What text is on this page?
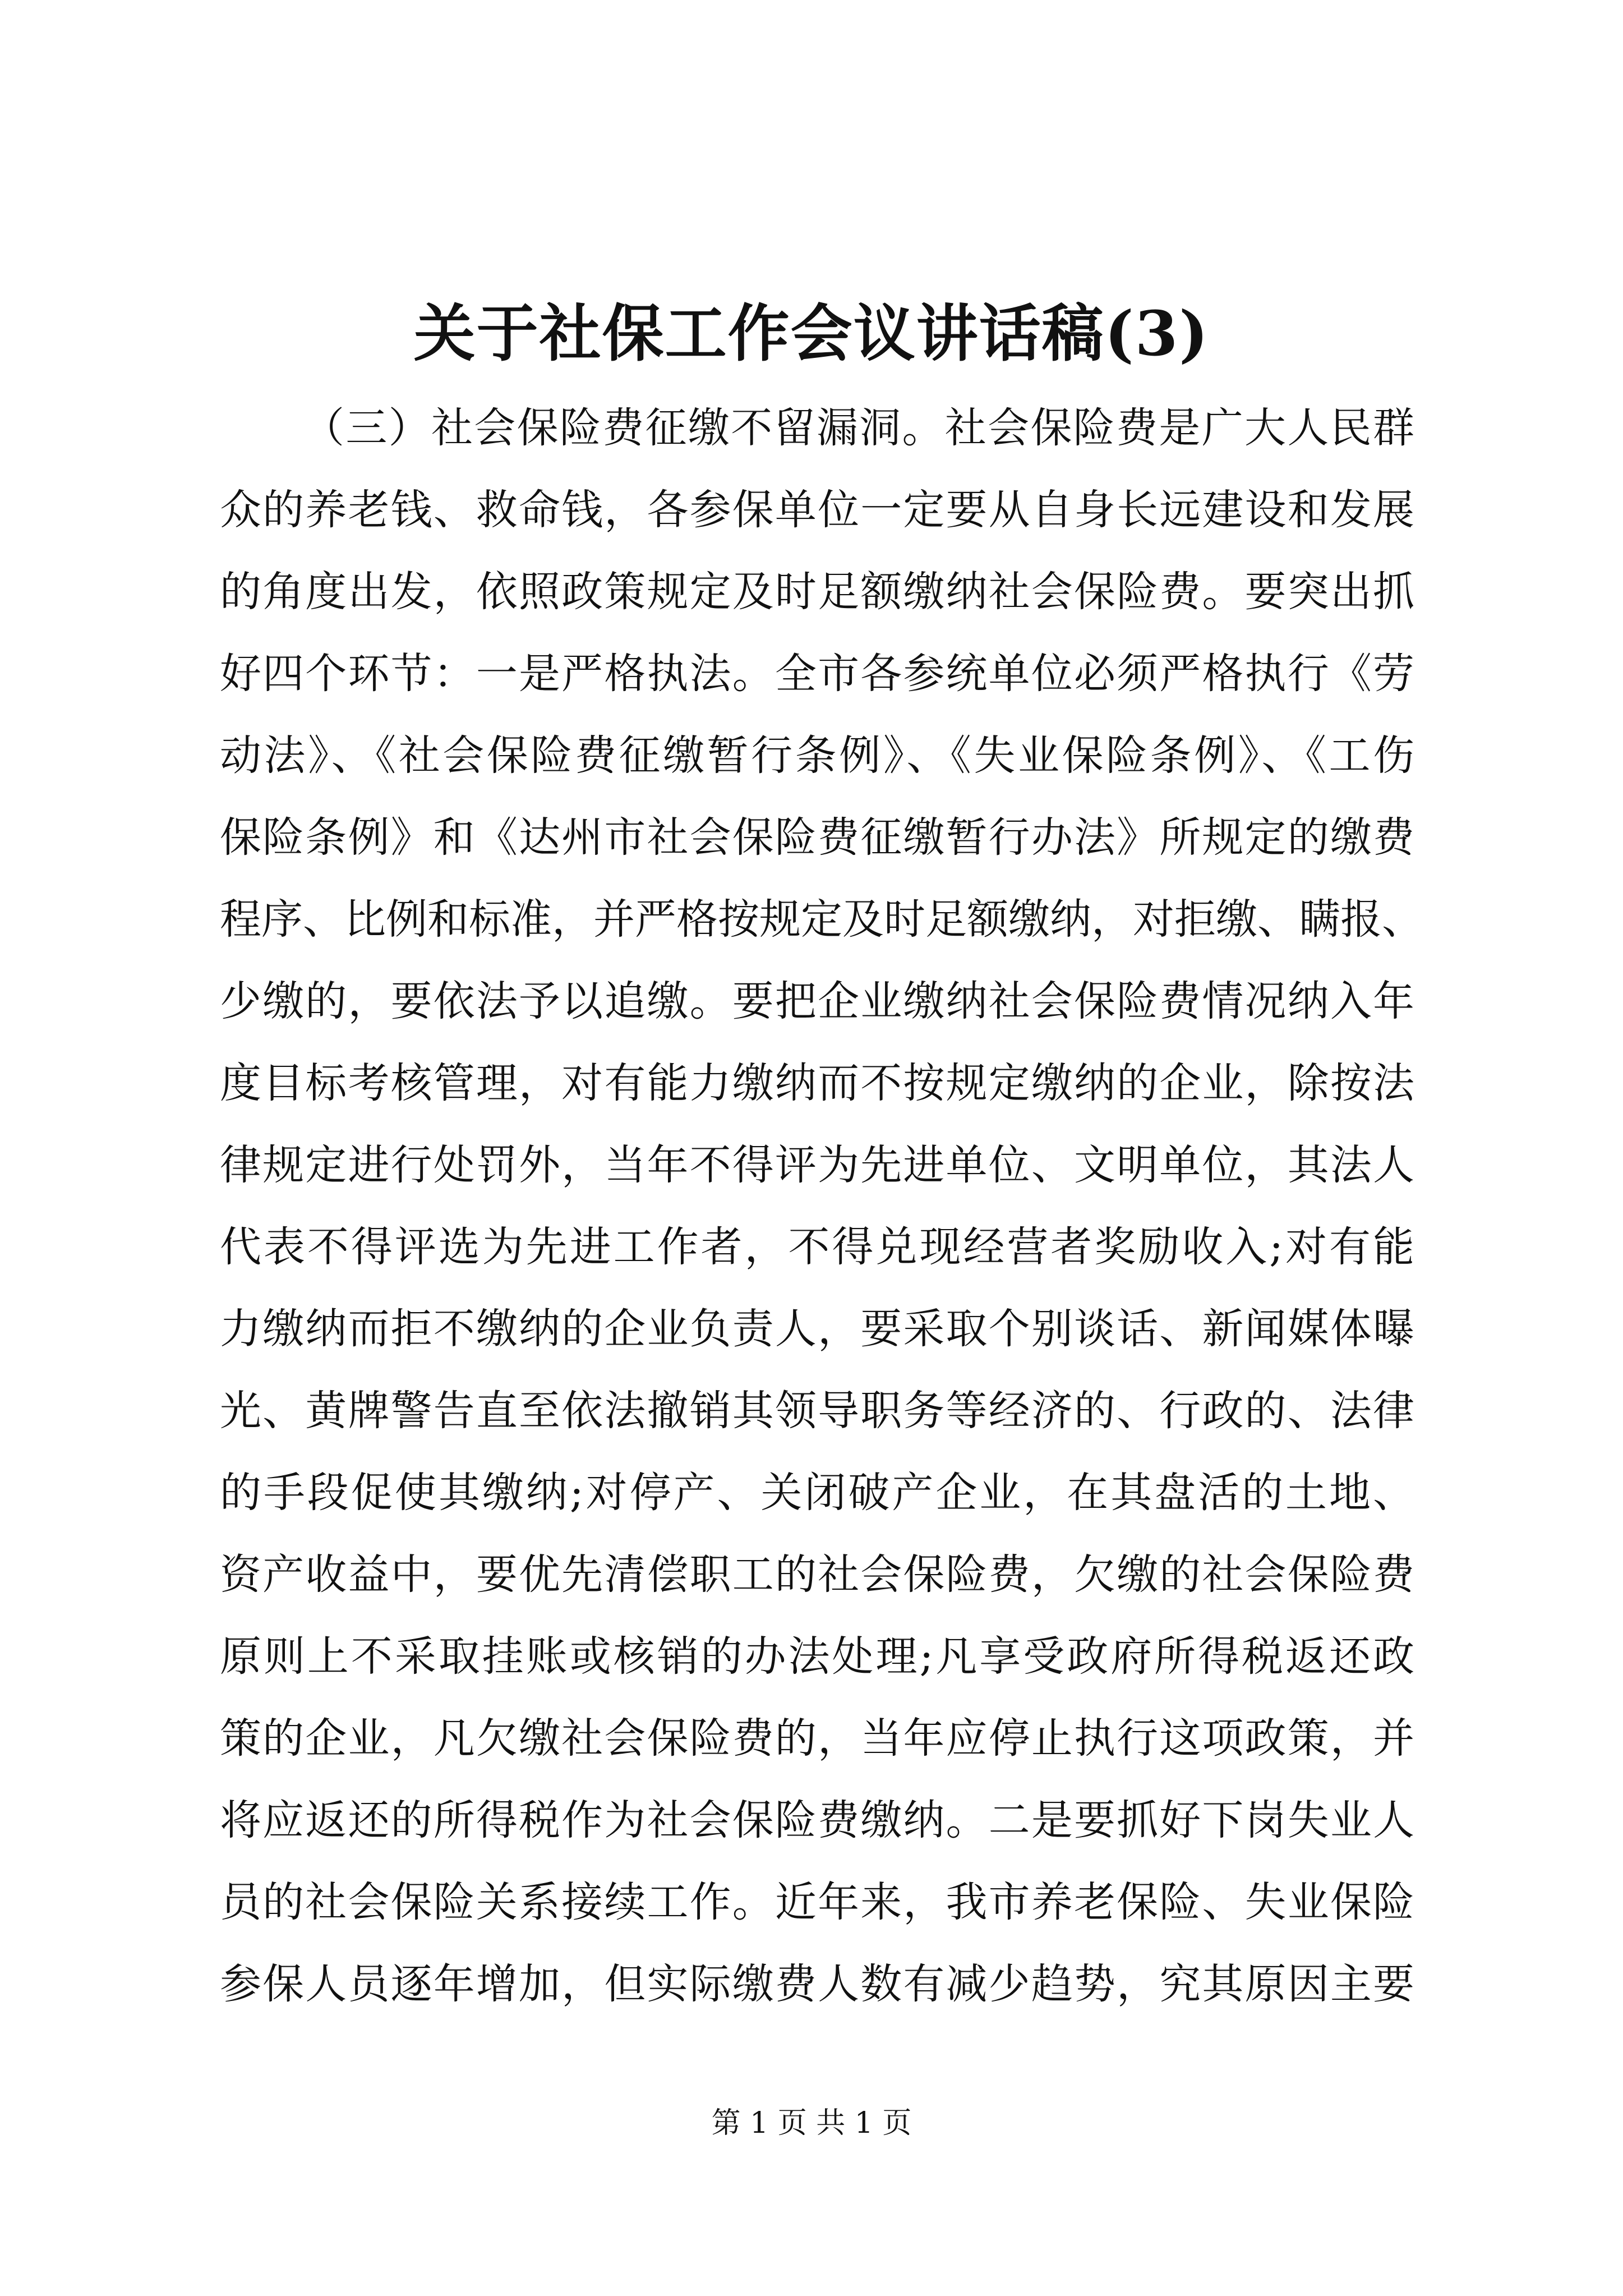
关于社保工作会议讲话稿(3)
（三）社会保险费征缴不留漏洞。社会保险费是广大人民群
众的养老钱、救命钱，各参保单位一定要从自身长远建设和发展
的角度出发，依照政策规定及时足额缴纳社会保险费。要突出抓
好四个环节：一是严格执法。全市各参统单位必须严格执行《劳
动法》、《社会保险费征缴暂行条例》、《失业保险条例》、《工伤
保险条例》和《达州市社会保险费征缴暂行办法》所规定的缴费
程序、比例和标准，并严格按规定及时足额缴纳，对拒缴、瞒报、
少缴的，要依法予以追缴。要把企业缴纳社会保险费情况纳入年
度目标考核管理，对有能力缴纳而不按规定缴纳的企业，除按法
律规定进行处罚外，当年不得评为先进单位、文明单位，其法人
代表不得评选为先进工作者，不得兑现经营者奖励收入;对有能
力缴纳而拒不缴纳的企业负责人，要采取个别谈话、新闻媒体曝
光、黄牌警告直至依法撤销其领导职务等经济的、行政的、法律
的手段促使其缴纳;对停产、关闭破产企业，在其盘活的土地、
资产收益中，要优先清偿职工的社会保险费，欠缴的社会保险费
原则上不采取挂账或核销的办法处理;凡享受政府所得税返还政
策的企业，凡欠缴社会保险费的，当年应停止执行这项政策，并
将应返还的所得税作为社会保险费缴纳。二是要抓好下岗失业人
员的社会保险关系接续工作。近年来，我市养老保险、失业保险
参保人员逐年增加，但实际缴费人数有减少趋势，究其原因主要

第 1 页 共 1 页
